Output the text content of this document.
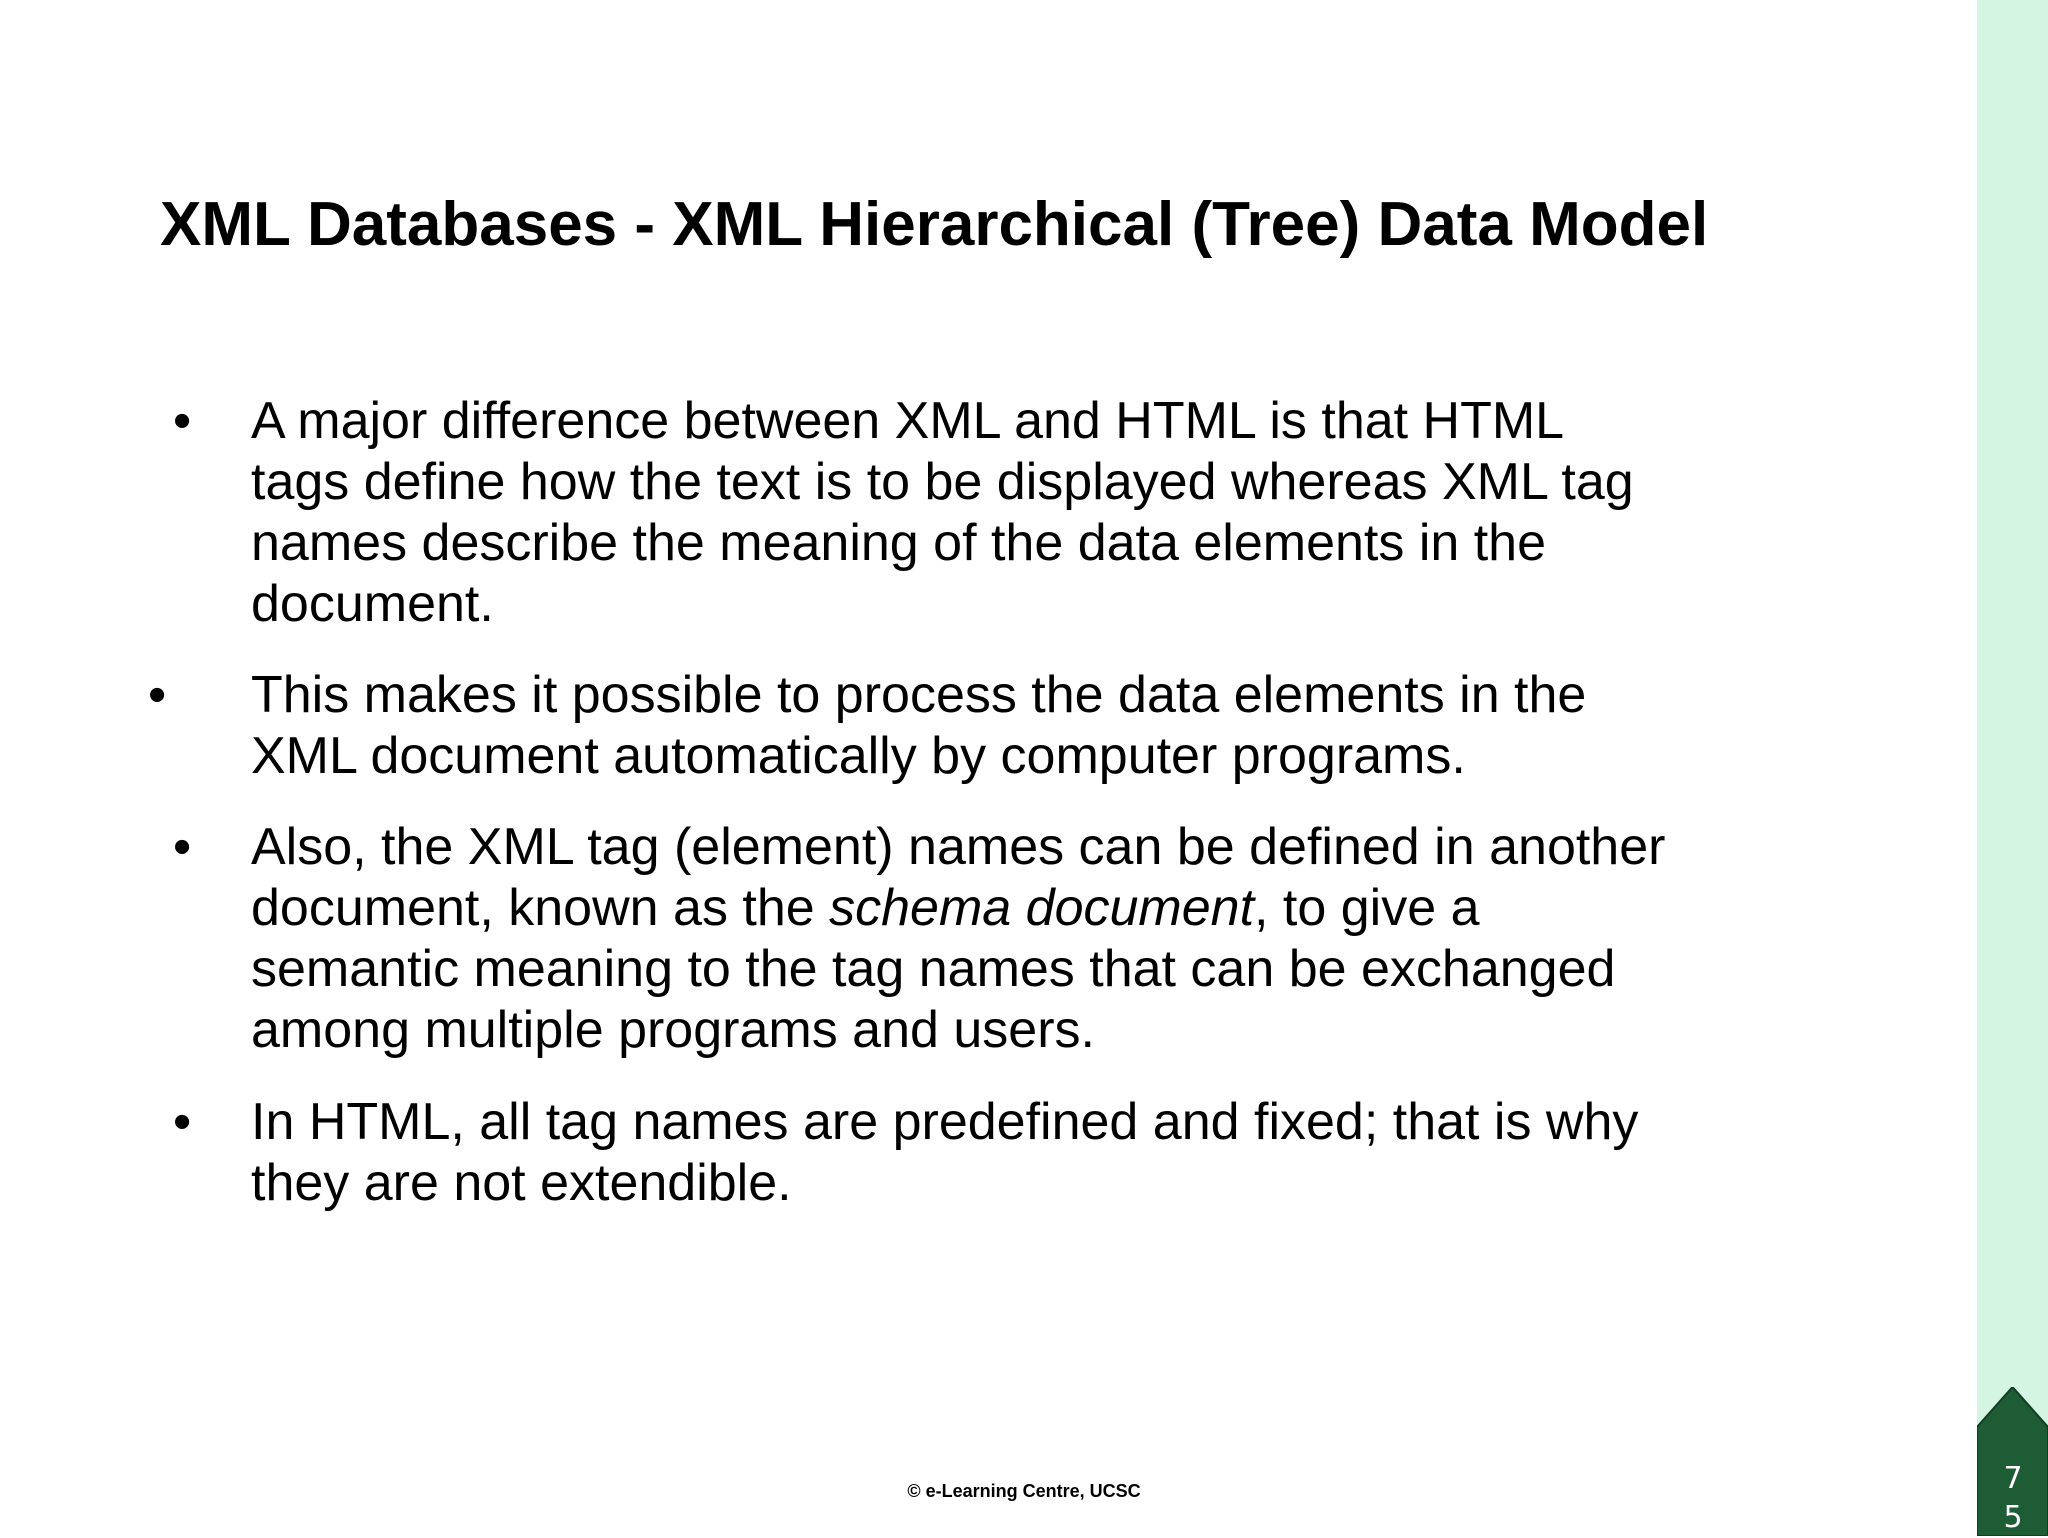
XML Databases - XML Hierarchical (Tree) Data Model
• A major difference between XML and HTML is that HTML
tags define how the text is to be displayed whereas XML tag
names describe the meaning of the data elements in the
document.
• This makes it possible to process the data elements in the
XML document automatically by computer programs.
• Also, the XML tag (element) names can be defined in another
document, known as the schema document, to give a
semantic meaning to the tag names that can be exchanged
among multiple programs and users.
• In HTML, all tag names are predefined and fixed; that is why
they are not extendible.
© e-Learning Centre, UCSC	7

5
